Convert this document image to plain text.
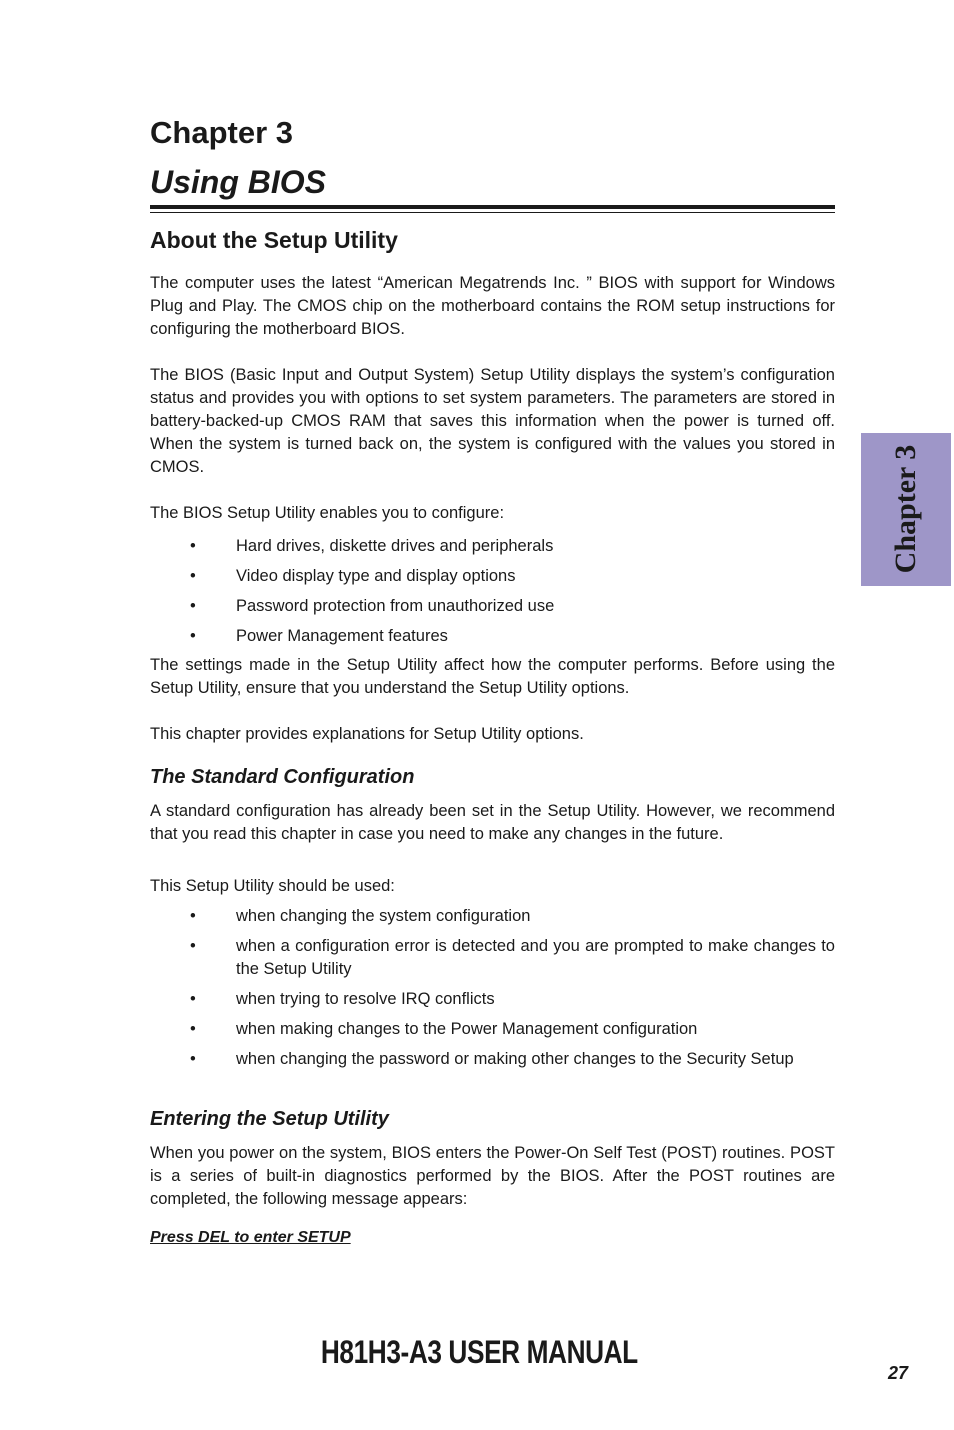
Chapter 3
Using BIOS
About the Setup Utility

The computer uses the latest “American Megatrends Inc. ” BIOS with support for Windows Plug and Play. The CMOS chip on the motherboard contains the ROM setup instructions for configuring the motherboard BIOS.

The BIOS (Basic Input and Output System) Setup Utility displays the system’s configuration status and provides you with options to set system parameters. The parameters are stored in battery-backed-up CMOS RAM that saves this information when the power is turned off. When the system is turned back on, the system is configured with the values you stored in CMOS.

The BIOS Setup Utility enables you to configure:

• Hard drives, diskette drives and peripherals
• Video display type and display options
• Password protection from unauthorized use
• Power Management features

The settings made in the Setup Utility affect how the computer performs. Before using the Setup Utility, ensure that you understand the Setup Utility options.

This chapter provides explanations for Setup Utility options.

The Standard Configuration

A standard configuration has already been set in the Setup Utility. However, we recommend that you read this chapter in case you need to make any changes in the future.

This Setup Utility should be used:

• when changing the system configuration
• when a configuration error is detected and you are prompted to make changes to the Setup Utility
• when trying to resolve IRQ conflicts
• when making changes to the Power Management configuration
• when changing the password or making other changes to the Security Setup
Entering the Setup Utility

When you power on the system, BIOS enters the Power-On Self Test (POST) routines. POST is a series of built-in diagnostics performed by the BIOS. After the POST routines are completed, the following message appears:

Press DEL to enter SETUP

Chapter 3
H81H3-A3 USER MANUAL
27
